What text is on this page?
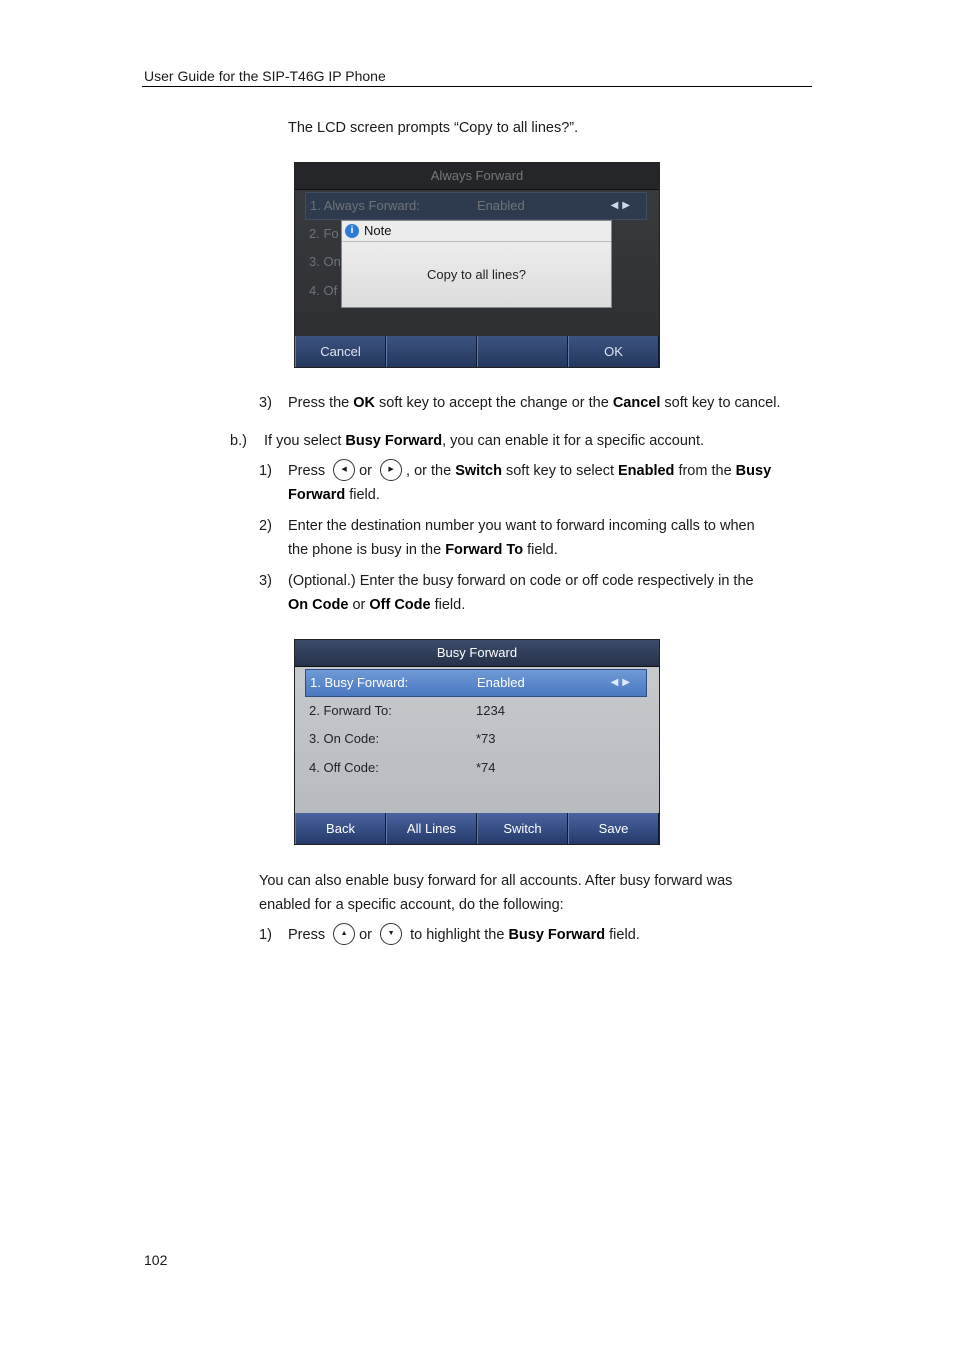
User Guide for the SIP-T46G IP Phone
The LCD screen prompts “Copy to all lines?”.
Always Forward
1. Always Forward:	Enabled	◀▶
2. Fo
3. On
4. Of
i Note
Copy to all lines?
Cancel	OK
3) Press the OK soft key to accept the change or the Cancel soft key to cancel.
b.) If you select Busy Forward, you can enable it for a specific account.
1) Press	◀ or	▶ , or the Switch soft key to select Enabled from the Busy
Forward field.
2) Enter the destination number you want to forward incoming calls to when
the phone is busy in the Forward To field.
3) (Optional.) Enter the busy forward on code or off code respectively in the
On Code or Off Code field.
Busy Forward
1. Busy Forward:	Enabled	◀▶
2. Forward To:	1234
3. On Code:	*73
4. Off Code:	*74
Back	All Lines	Switch	Save
You can also enable busy forward for all accounts. After busy forward was
enabled for a specific account, do the following:
1) Press	▲ or	▼ to highlight the Busy Forward field.
102
